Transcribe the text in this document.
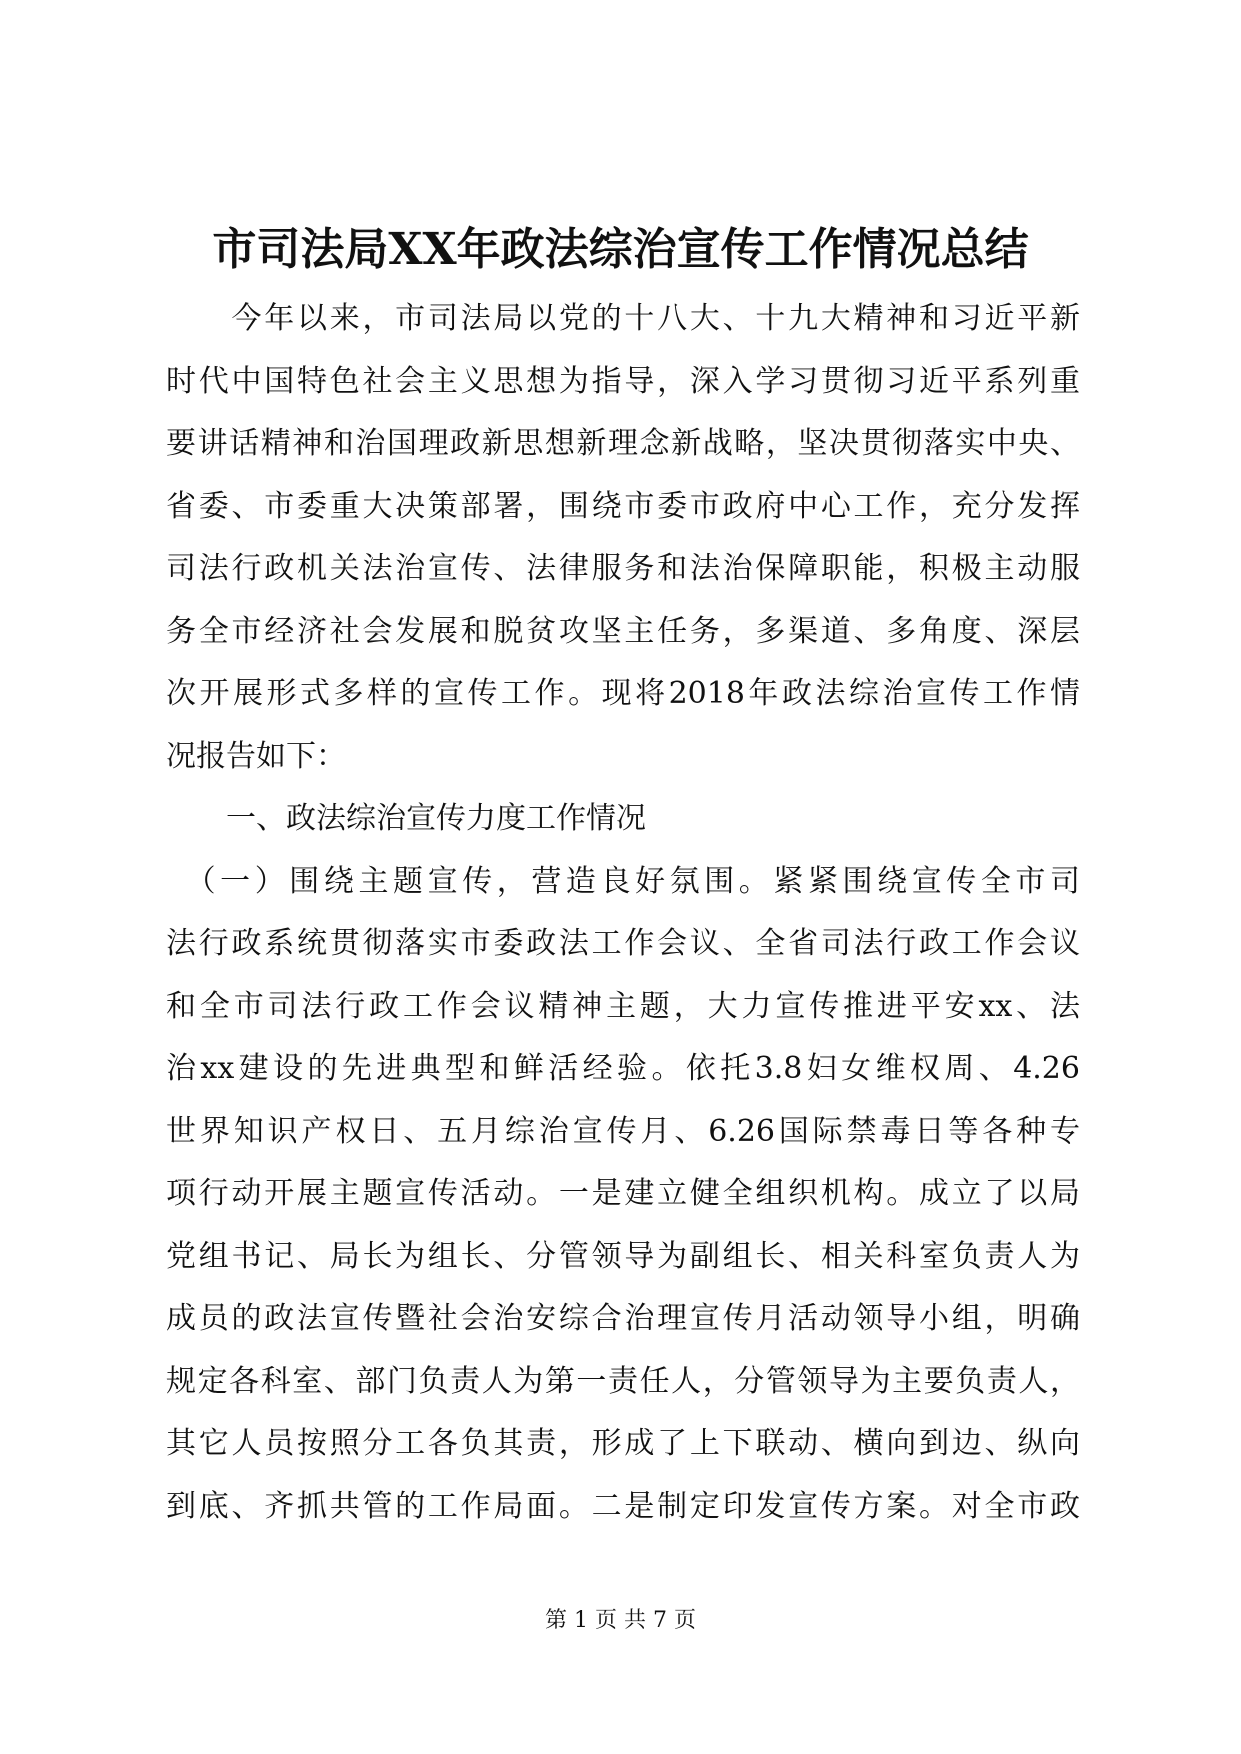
市司法局XX年政法综治宣传工作情况总结
　　今年以来，市司法局以党的十八大、十九大精神和习近平新
时代中国特色社会主义思想为指导，深入学习贯彻习近平系列重
要讲话精神和治国理政新思想新理念新战略，坚决贯彻落实中央、
省委、市委重大决策部署，围绕市委市政府中心工作，充分发挥
司法行政机关法治宣传、法律服务和法治保障职能，积极主动服
务全市经济社会发展和脱贫攻坚主任务，多渠道、多角度、深层
次开展形式多样的宣传工作。现将2018年政法综治宣传工作情
况报告如下：
　　一、政法综治宣传力度工作情况
　（一）围绕主题宣传，营造良好氛围。紧紧围绕宣传全市司
法行政系统贯彻落实市委政法工作会议、全省司法行政工作会议
和全市司法行政工作会议精神主题，大力宣传推进平安xx、法
治xx建设的先进典型和鲜活经验。依托3.8妇女维权周、4.26
世界知识产权日、五月综治宣传月、6.26国际禁毒日等各种专
项行动开展主题宣传活动。一是建立健全组织机构。成立了以局
党组书记、局长为组长、分管领导为副组长、相关科室负责人为
成员的政法宣传暨社会治安综合治理宣传月活动领导小组，明确
规定各科室、部门负责人为第一责任人，分管领导为主要负责人，
其它人员按照分工各负其责，形成了上下联动、横向到边、纵向
到底、齐抓共管的工作局面。二是制定印发宣传方案。对全市政
第 1 页 共 7 页
